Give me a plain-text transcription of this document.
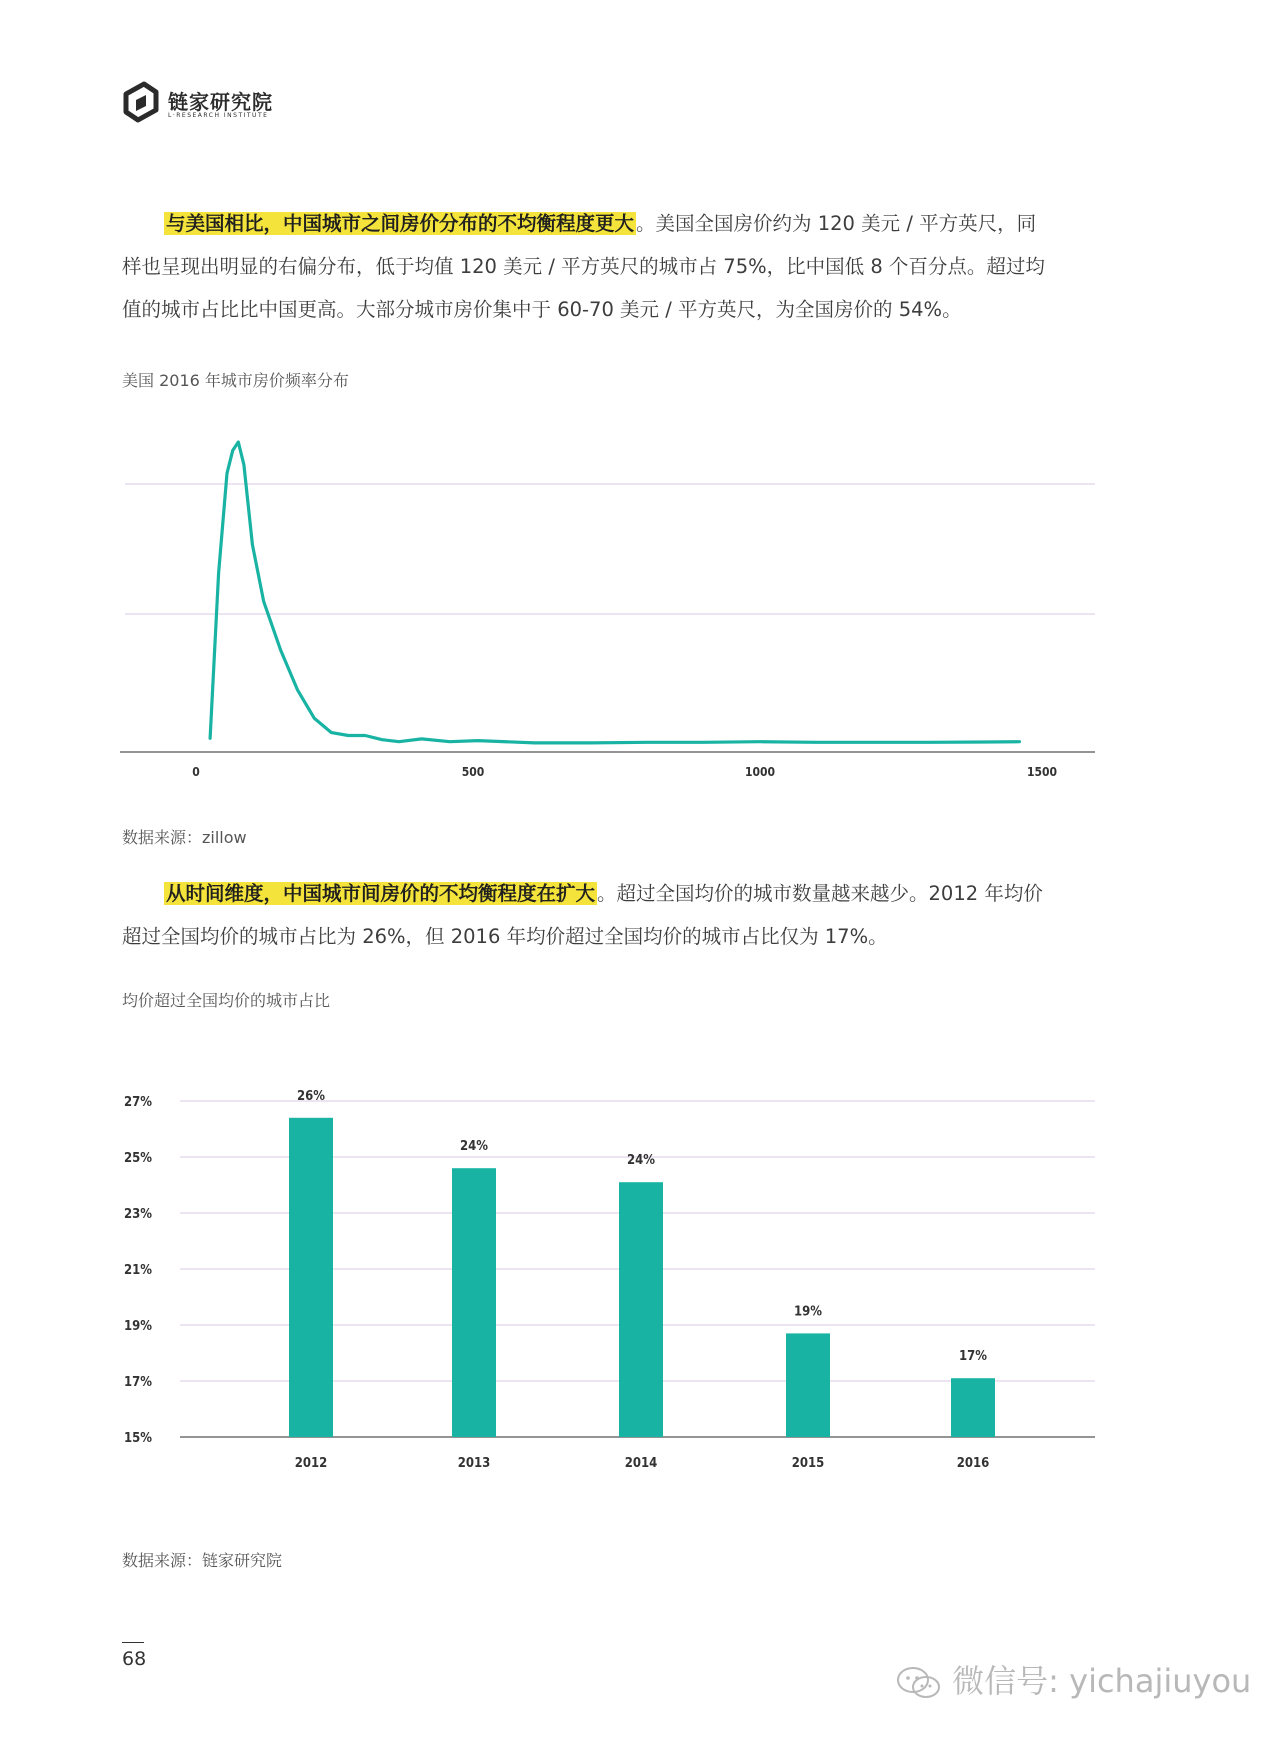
链家研究院
L·RESEARCH INSTITUTE
与美国相比，中国城市之间房价分布的不均衡程度更大 。美国全国房价约为 120 美元 / 平方英尺，同
样也呈现出明显的右偏分布，低于均值 120 美元 / 平方英尺的城市占 75%，比中国低 8 个百分点。超过均
值的城市占比比中国更高。大部分城市房价集中于 60-70 美元 / 平方英尺，为全国房价的 54%。
美国 2016 年城市房价频率分布
0	500	1000	1500
数据来源：zillow
从时间维度，中国城市间房价的不均衡程度在扩大 。超过全国均价的城市数量越来越少。2012 年均价
超过全国均价的城市占比为 26%，但 2016 年均价超过全国均价的城市占比仅为 17%。
均价超过全国均价的城市占比
27%
25%
23%
21%
19%
17%
15%
26%
24%
24%
19%
17%
2012	2013	2014	2015	2016
数据来源：链家研究院
68
微信号: yichajiuyou
